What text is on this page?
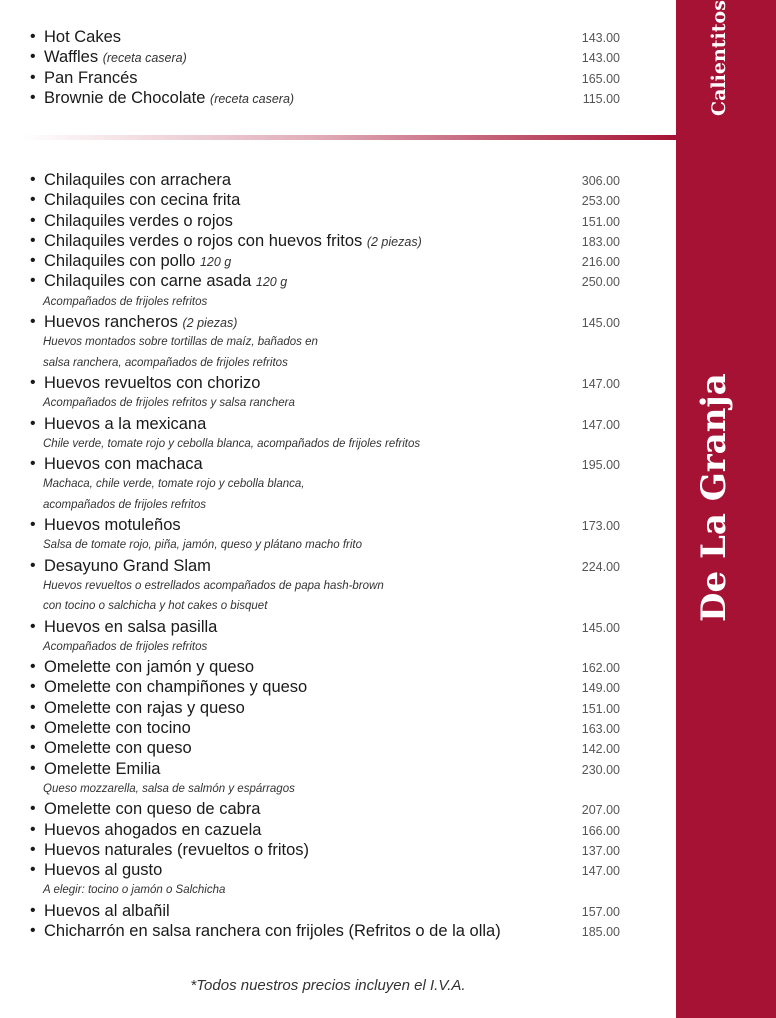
Calientitos
De La Granja
• Hot Cakes	143.00
• Waffles (receta casera)	143.00
• Pan Francés	165.00
• Brownie de Chocolate (receta casera)	115.00
• Chilaquiles con arrachera	306.00
• Chilaquiles con cecina frita	253.00
• Chilaquiles verdes o rojos	151.00
• Chilaquiles verdes o rojos con huevos fritos (2 piezas)	183.00
• Chilaquiles con pollo 120 g	216.00
• Chilaquiles con carne asada 120 g	250.00
Acompañados de frijoles refritos
• Huevos rancheros (2 piezas)	145.00
Huevos montados sobre tortillas de maíz, bañados en
salsa ranchera, acompañados de frijoles refritos
• Huevos revueltos con chorizo	147.00
Acompañados de frijoles refritos y salsa ranchera
• Huevos a la mexicana	147.00
Chile verde, tomate rojo y cebolla blanca, acompañados de frijoles refritos
• Huevos con machaca	195.00
Machaca, chile verde, tomate rojo y cebolla blanca,
acompañados de frijoles refritos
• Huevos motuleños	173.00
Salsa de tomate rojo, piña, jamón, queso y plátano macho frito
• Desayuno Grand Slam	224.00
Huevos revueltos o estrellados acompañados de papa hash-brown
con tocino o salchicha y hot cakes o bisquet
• Huevos en salsa pasilla	145.00
Acompañados de frijoles refritos
• Omelette con jamón y queso	162.00
• Omelette con champiñones y queso	149.00
• Omelette con rajas y queso	151.00
• Omelette con tocino	163.00
• Omelette con queso	142.00
• Omelette Emilia	230.00
Queso mozzarella, salsa de salmón y espárragos
• Omelette con queso de cabra	207.00
• Huevos ahogados en cazuela	166.00
• Huevos naturales (revueltos o fritos)	137.00
• Huevos al gusto	147.00
A elegir: tocino o jamón o Salchicha
• Huevos al albañil	157.00
• Chicharrón en salsa ranchera con frijoles (Refritos o de la olla)	185.00
*Todos nuestros precios incluyen el I.V.A.
